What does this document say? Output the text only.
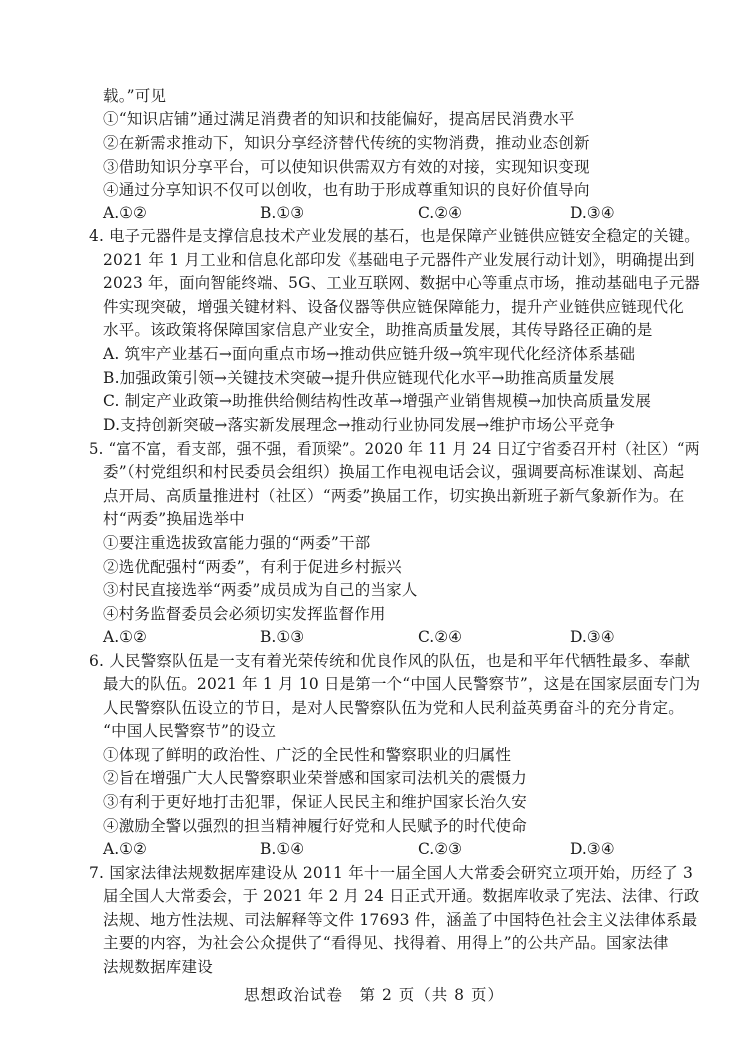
载。”可见
①“知识店铺”通过满足消费者的知识和技能偏好，提高居民消费水平
②在新需求推动下，知识分享经济替代传统的实物消费，推动业态创新
③借助知识分享平台，可以使知识供需双方有效的对接，实现知识变现
④通过分享知识不仅可以创收，也有助于形成尊重知识的良好价值导向
A.①②	B.①③	C.②④	D.③④
4. 电子元器件是支撑信息技术产业发展的基石，也是保障产业链供应链安全稳定的关键。
2021 年 1 月工业和信息化部印发《基础电子元器件产业发展行动计划》，明确提出到
2023 年，面向智能终端、5G、工业互联网、数据中心等重点市场，推动基础电子元器
件实现突破，增强关键材料、设备仪器等供应链保障能力，提升产业链供应链现代化
水平。该政策将保障国家信息产业安全，助推高质量发展，其传导路径正确的是
A. 筑牢产业基石→面向重点市场→推动供应链升级→筑牢现代化经济体系基础
B.加强政策引领→关键技术突破→提升供应链现代化水平→助推高质量发展
C. 制定产业政策→助推供给侧结构性改革→增强产业销售规模→加快高质量发展
D.支持创新突破→落实新发展理念→推动行业协同发展→维护市场公平竞争
5. “富不富，看支部，强不强，看顶梁”。2020 年 11 月 24 日辽宁省委召开村（社区）“两
委”（村党组织和村民委员会组织）换届工作电视电话会议，强调要高标准谋划、高起
点开局、高质量推进村（社区）“两委”换届工作，切实换出新班子新气象新作为。在
村“两委”换届选举中
①要注重选拔致富能力强的“两委”干部
②选优配强村“两委”，有利于促进乡村振兴
③村民直接选举“两委”成员成为自己的当家人
④村务监督委员会必须切实发挥监督作用
A.①②	B.①③	C.②④	D.③④
6. 人民警察队伍是一支有着光荣传统和优良作风的队伍，也是和平年代牺牲最多、奉献
最大的队伍。2021 年 1 月 10 日是第一个“中国人民警察节”，这是在国家层面专门为
人民警察队伍设立的节日，是对人民警察队伍为党和人民利益英勇奋斗的充分肯定。
“中国人民警察节”的设立
①体现了鲜明的政治性、广泛的全民性和警察职业的归属性
②旨在增强广大人民警察职业荣誉感和国家司法机关的震慑力
③有利于更好地打击犯罪，保证人民民主和维护国家长治久安
④激励全警以强烈的担当精神履行好党和人民赋予的时代使命
A.①②	B.①④	C.②③	D.③④
7. 国家法律法规数据库建设从 2011 年十一届全国人大常委会研究立项开始，历经了 3
届全国人大常委会，于 2021 年 2 月 24 日正式开通。数据库收录了宪法、法律、行政
法规、地方性法规、司法解释等文件 17693 件，涵盖了中国特色社会主义法律体系最
主要的内容，为社会公众提供了“看得见、找得着、用得上”的公共产品。国家法律
法规数据库建设
思想政治试卷　第 2 页（共 8 页）
